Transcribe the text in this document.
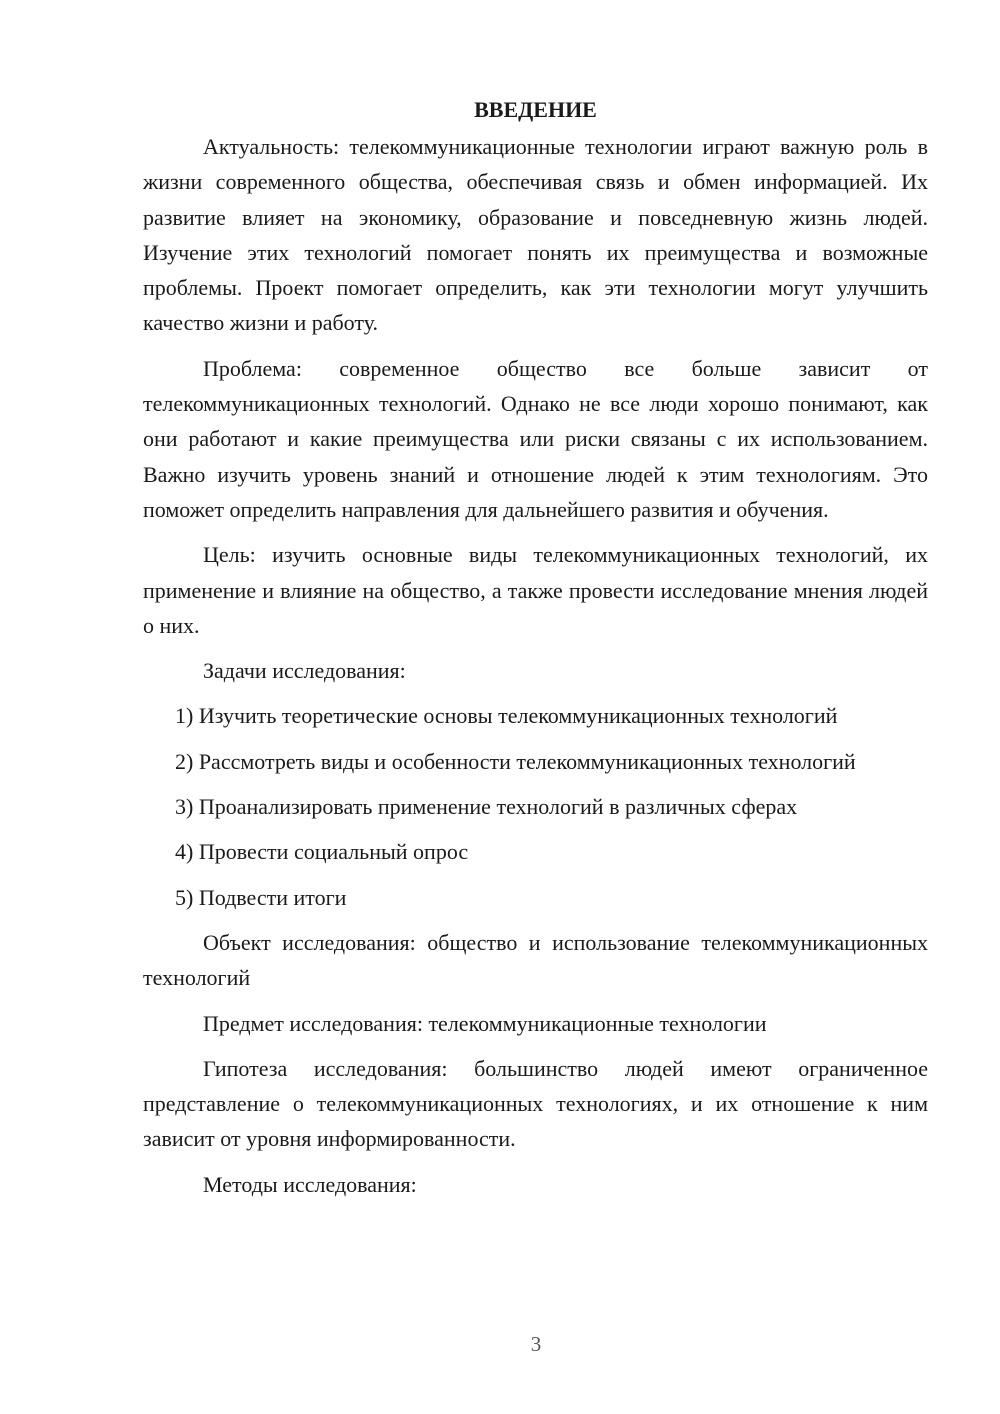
ВВЕДЕНИЕ

Актуальность: телекоммуникационные технологии играют важную роль в жизни современного общества, обеспечивая связь и обмен информацией. Их развитие влияет на экономику, образование и повседневную жизнь людей. Изучение этих технологий помогает понять их преимущества и возможные проблемы. Проект помогает определить, как эти технологии могут улучшить качество жизни и работу.

Проблема: современное общество все больше зависит от телекоммуникационных технологий. Однако не все люди хорошо понимают, как они работают и какие преимущества или риски связаны с их использованием. Важно изучить уровень знаний и отношение людей к этим технологиям. Это поможет определить направления для дальнейшего развития и обучения.

Цель: изучить основные виды телекоммуникационных технологий, их применение и влияние на общество, а также провести исследование мнения людей о них.

Задачи исследования:

1) Изучить теоретические основы телекоммуникационных технологий

2) Рассмотреть виды и особенности телекоммуникационных технологий

3) Проанализировать применение технологий в различных сферах

4) Провести социальный опрос

5) Подвести итоги

Объект исследования: общество и использование телекоммуникационных технологий

Предмет исследования: телекоммуникационные технологии

Гипотеза исследования: большинство людей имеют ограниченное представление о телекоммуникационных технологиях, и их отношение к ним зависит от уровня информированности.

Методы исследования:

3
